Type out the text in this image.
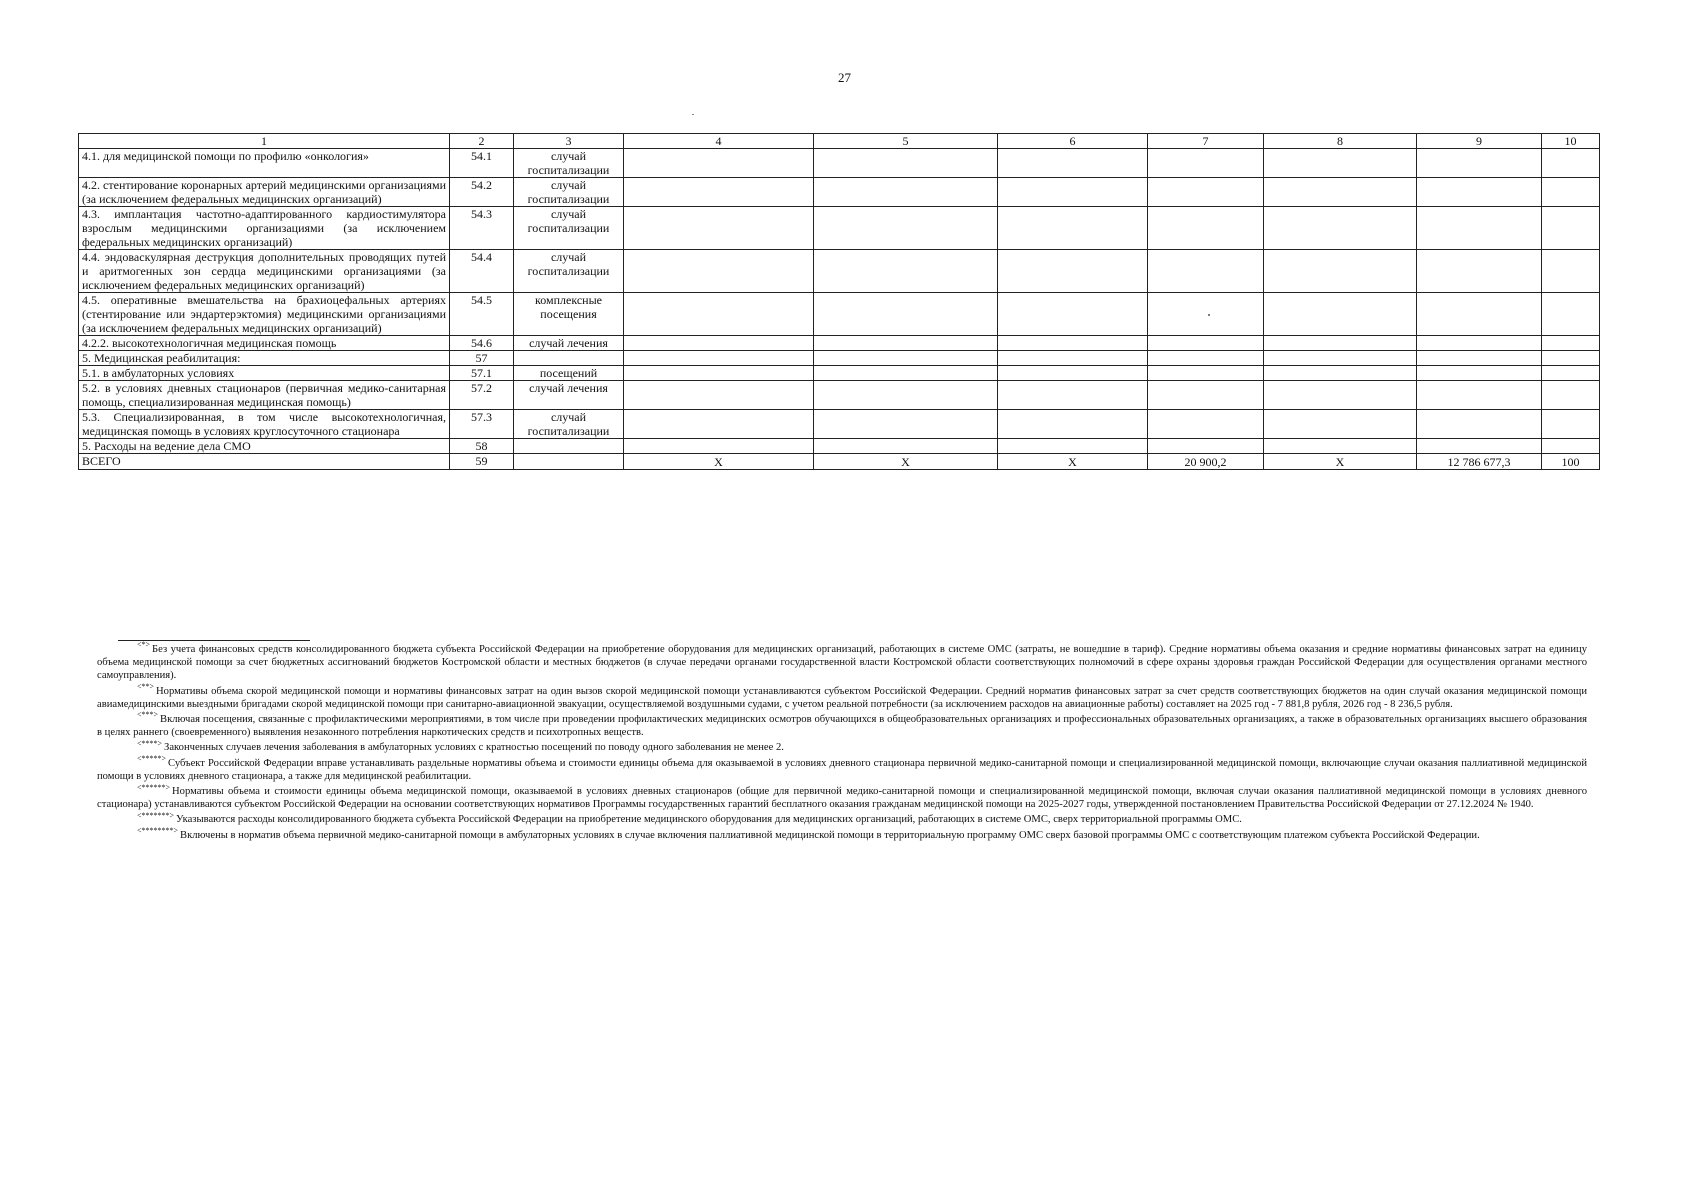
27
1	2	3	4	5	6	7	8	9	10
4.1. для медицинской помощи по профилю «онкология»	54.1	случай госпитализации							
4.2. стентирование коронарных артерий медицинскими организациями (за исключением федеральных медицинских организаций)	54.2	случай госпитализации							
4.3. имплантация частотно-адаптированного кардиостимулятора взрослым медицинскими организациями (за исключением федеральных медицинских организаций)	54.3	случай госпитализации							
4.4. эндоваскулярная деструкция дополнительных проводящих путей и аритмогенных зон сердца медицинскими организациями (за исключением федеральных медицинских организаций)	54.4	случай госпитализации							
4.5. оперативные вмешательства на брахиоцефальных артериях (стентирование или эндартерэктомия) медицинскими организациями (за исключением федеральных медицинских организаций)	54.5	комплексные посещения							
4.2.2. высокотехнологичная медицинская помощь	54.6	случай лечения							
5. Медицинская реабилитация:	57								
5.1. в амбулаторных условиях	57.1	посещений							
5.2. в условиях дневных стационаров (первичная медико-санитарная помощь, специализированная медицинская помощь)	57.2	случай лечения							
5.3. Специализированная, в том числе высокотехнологичная, медицинская помощь в условиях круглосуточного стационара	57.3	случай госпитализации							
5. Расходы на ведение дела СМО	58								
ВСЕГО	59		X	X	X	20 900,2	X	12 786 677,3	100

<*> Без учета финансовых средств консолидированного бюджета субъекта Российской Федерации на приобретение оборудования для медицинских организаций, работающих в системе ОМС (затраты, не вошедшие в тариф). Средние нормативы объема оказания и средние нормативы финансовых затрат на единицу объема медицинской помощи за счет бюджетных ассигнований бюджетов Костромской области и местных бюджетов (в случае передачи органами государственной власти Костромской области соответствующих полномочий в сфере охраны здоровья граждан Российской Федерации для осуществления органами местного самоуправления).

<**> Нормативы объема скорой медицинской помощи и нормативы финансовых затрат на один вызов скорой медицинской помощи устанавливаются субъектом Российской Федерации. Средний норматив финансовых затрат за счет средств соответствующих бюджетов на один случай оказания медицинской помощи авиамедицинскими выездными бригадами скорой медицинской помощи при санитарно-авиационной эвакуации, осуществляемой воздушными судами, с учетом реальной потребности (за исключением расходов на авиационные работы) составляет на 2025 год - 7 881,8 рубля, 2026 год - 8 236,5 рубля.

<***> Включая посещения, связанные с профилактическими мероприятиями, в том числе при проведении профилактических медицинских осмотров обучающихся в общеобразовательных организациях и профессиональных образовательных организациях, а также в образовательных организациях высшего образования в целях раннего (своевременного) выявления незаконного потребления наркотических средств и психотропных веществ.

<****> Законченных случаев лечения заболевания в амбулаторных условиях с кратностью посещений по поводу одного заболевания не менее 2.

<*****> Субъект Российской Федерации вправе устанавливать раздельные нормативы объема и стоимости единицы объема для оказываемой в условиях дневного стационара первичной медико-санитарной помощи и специализированной медицинской помощи, включающие случаи оказания паллиативной медицинской помощи в условиях дневного стационара, а также для медицинской реабилитации.

<******> Нормативы объема и стоимости единицы объема медицинской помощи, оказываемой в условиях дневных стационаров (общие для первичной медико-санитарной помощи и специализированной медицинской помощи, включая случаи оказания паллиативной медицинской помощи в условиях дневного стационара) устанавливаются субъектом Российской Федерации на основании соответствующих нормативов Программы государственных гарантий бесплатного оказания гражданам медицинской помощи на 2025-2027 годы, утвержденной постановлением Правительства Российской Федерации от 27.12.2024 № 1940.

<*******> Указываются расходы консолидированного бюджета субъекта Российской Федерации на приобретение медицинского оборудования для медицинских организаций, работающих в системе ОМС, сверх территориальной программы ОМС.

<********> Включены в норматив объема первичной медико-санитарной помощи в амбулаторных условиях в случае включения паллиативной медицинской помощи в территориальную программу ОМС сверх базовой программы ОМС с соответствующим платежом субъекта Российской Федерации.
